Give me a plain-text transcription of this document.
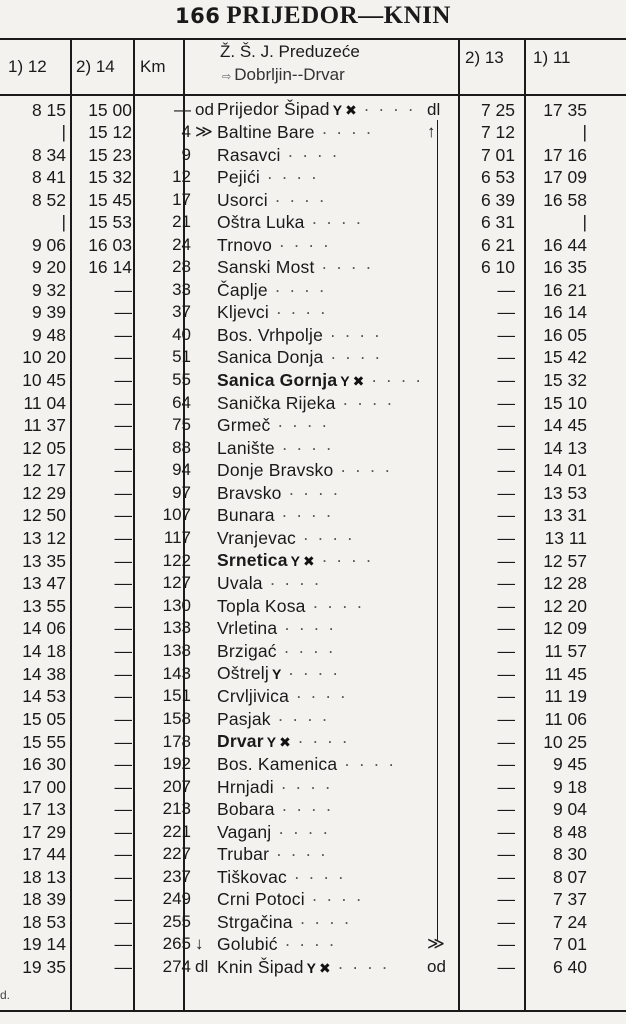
166 PRIJEDOR—KNIN
1) 12 2) 14 Km
Ž. Š. J. Preduzeće
⇨ Dobrljin--Drvar
2) 13 1) 11
8 15	15 00	—	od	Prijedor Šipad Y ✖ · · · ·	dl	7 25	17 35
|	15 12	4	≫	Baltine Bare · · · ·	↑	7 12	|
8 34	15 23	9		Rasavci · · · ·		7 01	17 16
8 41	15 32	12		Pejići · · · ·		6 53	17 09
8 52	15 45	17		Usorci · · · ·		6 39	16 58
|	15 53	21		Oštra Luka · · · ·		6 31	|
9 06	16 03	24		Trnovo · · · ·		6 21	16 44
9 20	16 14	28		Sanski Most · · · ·		6 10	16 35
9 32	—	33		Čaplje · · · ·		—	16 21
9 39	—	37		Kljevci · · · ·		—	16 14
9 48	—	40		Bos. Vrhpolje · · · ·		—	16 05
10 20	—	51		Sanica Donja · · · ·		—	15 42
10 45	—	55		Sanica Gornja Y ✖ · · · ·		—	15 32
11 04	—	64		Sanička Rijeka · · · ·		—	15 10
11 37	—	75		Grmeč · · · ·		—	14 45
12 05	—	88		Lanište · · · ·		—	14 13
12 17	—	94		Donje Bravsko · · · ·		—	14 01
12 29	—	97		Bravsko · · · ·		—	13 53
12 50	—	107		Bunara · · · ·		—	13 31
13 12	—	117		Vranjevac · · · ·		—	13 11
13 35	—	122		Srnetica Y ✖ · · · ·		—	12 57
13 47	—	127		Uvala · · · ·		—	12 28
13 55	—	130		Topla Kosa · · · ·		—	12 20
14 06	—	133		Vrletina · · · ·		—	12 09
14 18	—	138		Brzigać · · · ·		—	11 57
14 38	—	143		Oštrelj Y · · · ·		—	11 45
14 53	—	151		Crvljivica · · · ·		—	11 19
15 05	—	158		Pasjak · · · ·		—	11 06
15 55	—	178		Drvar Y ✖ · · · ·		—	10 25
16 30	—	192		Bos. Kamenica · · · ·		—	9 45
17 00	—	207		Hrnjadi · · · ·		—	9 18
17 13	—	213		Bobara · · · ·		—	9 04
17 29	—	221		Vaganj · · · ·		—	8 48
17 44	—	227		Trubar · · · ·		—	8 30
18 13	—	237		Tiškovac · · · ·		—	8 07
18 39	—	249		Crni Potoci · · · ·		—	7 37
18 53	—	255		Strgačina · · · ·		—	7 24
19 14	—	265	↓	Golubić · · · ·	≫	—	7 01
19 35	—	274	dl	Knin Šipad Y ✖ · · · ·	od	—	6 40
d.
